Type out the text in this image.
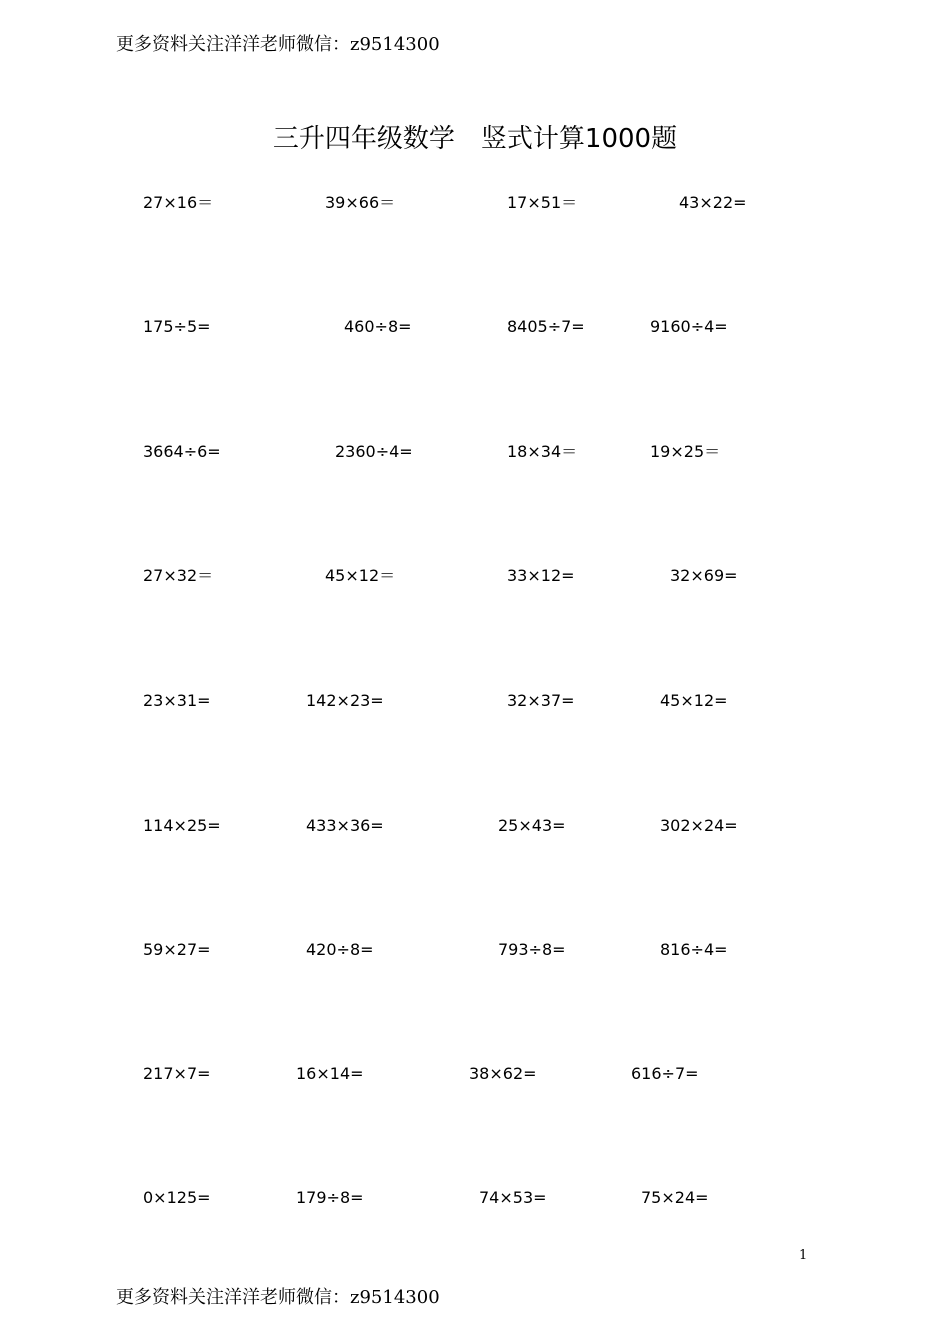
更多资料关注洋洋老师微信：z9514300
三升四年级数学　竖式计算1000题
27×16＝	39×66＝	17×51＝	43×22=
175÷5=	460÷8=	8405÷7=	9160÷4=
3664÷6=	2360÷4=	18×34＝	19×25＝
27×32＝	45×12＝	33×12=	32×69=
23×31=	142×23=	32×37=	45×12=
114×25=	433×36=	25×43=	302×24=
59×27=	420÷8=	793÷8=	816÷4=
217×7=	16×14=	38×62=	616÷7=
0×125=	179÷8=	74×53=	75×24=
1
更多资料关注洋洋老师微信：z9514300
